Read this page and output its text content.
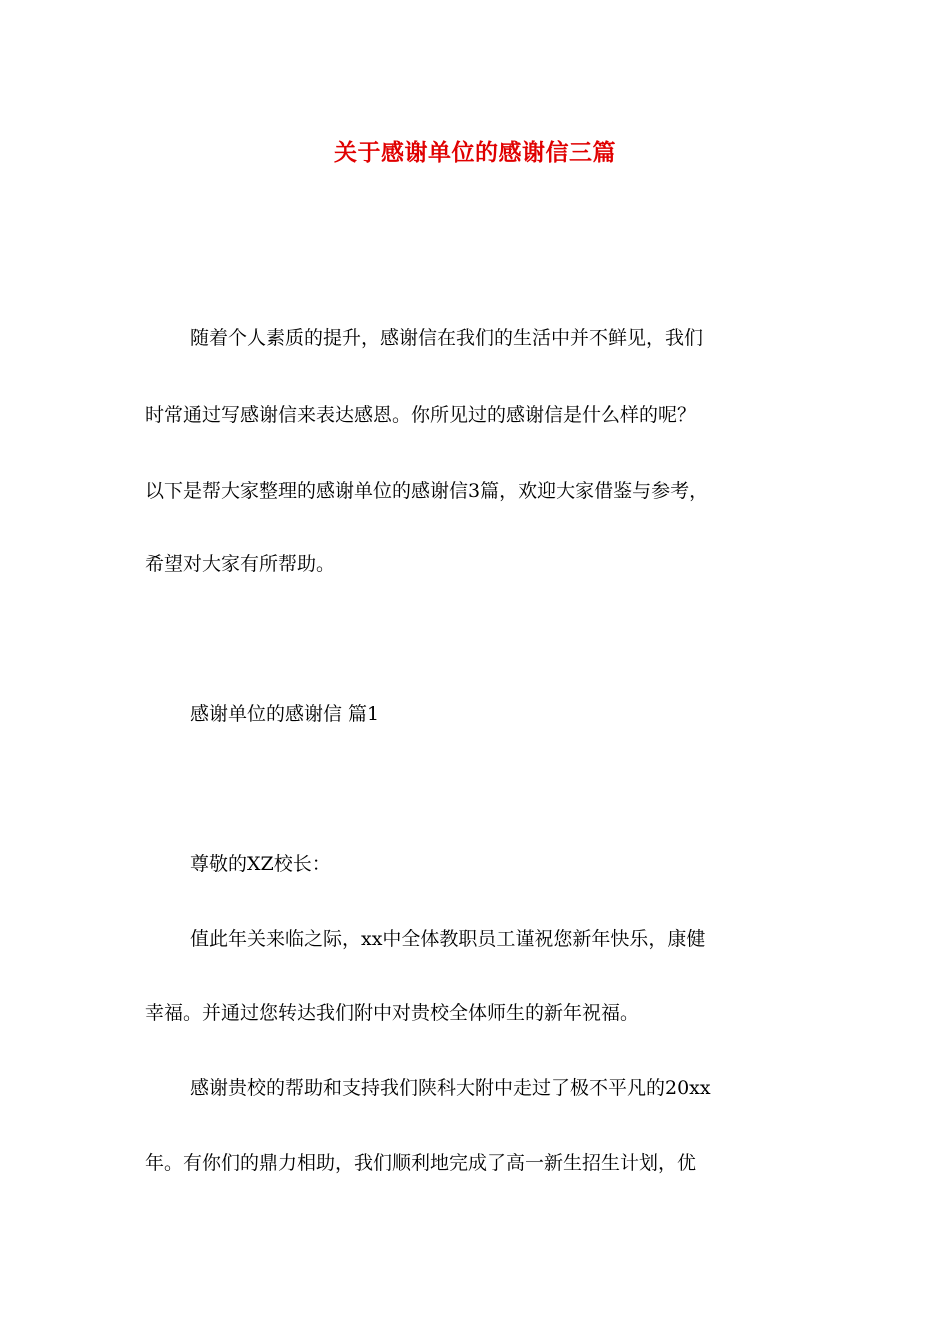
关于感谢单位的感谢信三篇
随着个人素质的提升，感谢信在我们的生活中并不鲜见，我们
时常通过写感谢信来表达感恩。你所见过的感谢信是什么样的呢？
以下是帮大家整理的感谢单位的感谢信3篇，欢迎大家借鉴与参考，
希望对大家有所帮助。
感谢单位的感谢信 篇1
尊敬的XZ校长：
值此年关来临之际，xx中全体教职员工谨祝您新年快乐，康健
幸福。并通过您转达我们附中对贵校全体师生的新年祝福。
感谢贵校的帮助和支持我们陕科大附中走过了极不平凡的20xx
年。有你们的鼎力相助，我们顺利地完成了高一新生招生计划，优
